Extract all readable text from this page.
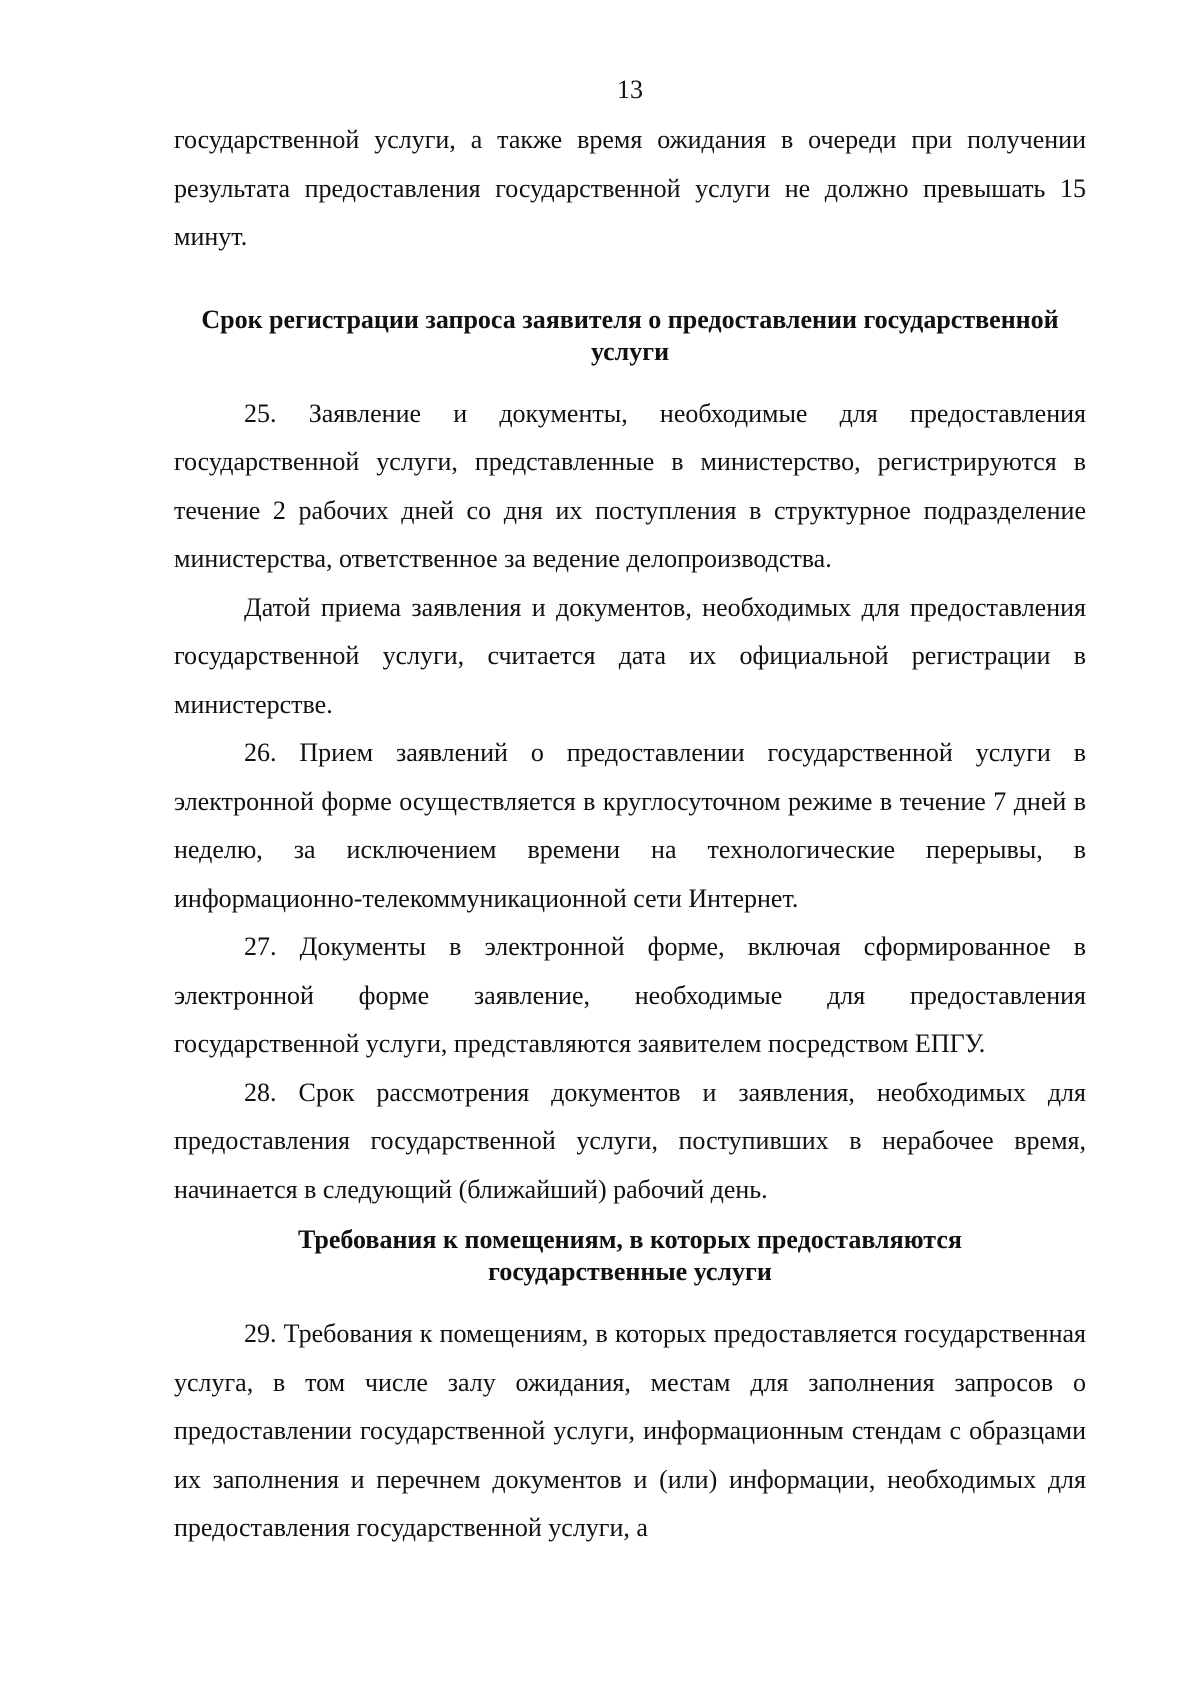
13

государственной услуги, а также время ожидания в очереди при получении результата предоставления государственной услуги не должно превышать 15 минут.

Срок регистрации запроса заявителя о предоставлении государственной
услуги

25. Заявление и документы, необходимые для предоставления государственной услуги, представленные в министерство, регистрируются в течение 2 рабочих дней со дня их поступления в структурное подразделение министерства, ответственное за ведение делопроизводства.

Датой приема заявления и документов, необходимых для предоставления государственной услуги, считается дата их официальной регистрации в министерстве.

26. Прием заявлений о предоставлении государственной услуги в электронной форме осуществляется в круглосуточном режиме в течение 7 дней в неделю, за исключением времени на технологические перерывы, в информационно-телекоммуникационной сети Интернет.

27. Документы в электронной форме, включая сформированное в электронной форме заявление, необходимые для предоставления государственной услуги, представляются заявителем посредством ЕПГУ.

28. Срок рассмотрения документов и заявления, необходимых для предоставления государственной услуги, поступивших в нерабочее время, начинается в следующий (ближайший) рабочий день.

Требования к помещениям, в которых предоставляются
государственные услуги

29. Требования к помещениям, в которых предоставляется государственная услуга, в том числе залу ожидания, местам для заполнения запросов о предоставлении государственной услуги, информационным стендам с образцами их заполнения и перечнем документов и (или) информации, необходимых для предоставления государственной услуги, а
